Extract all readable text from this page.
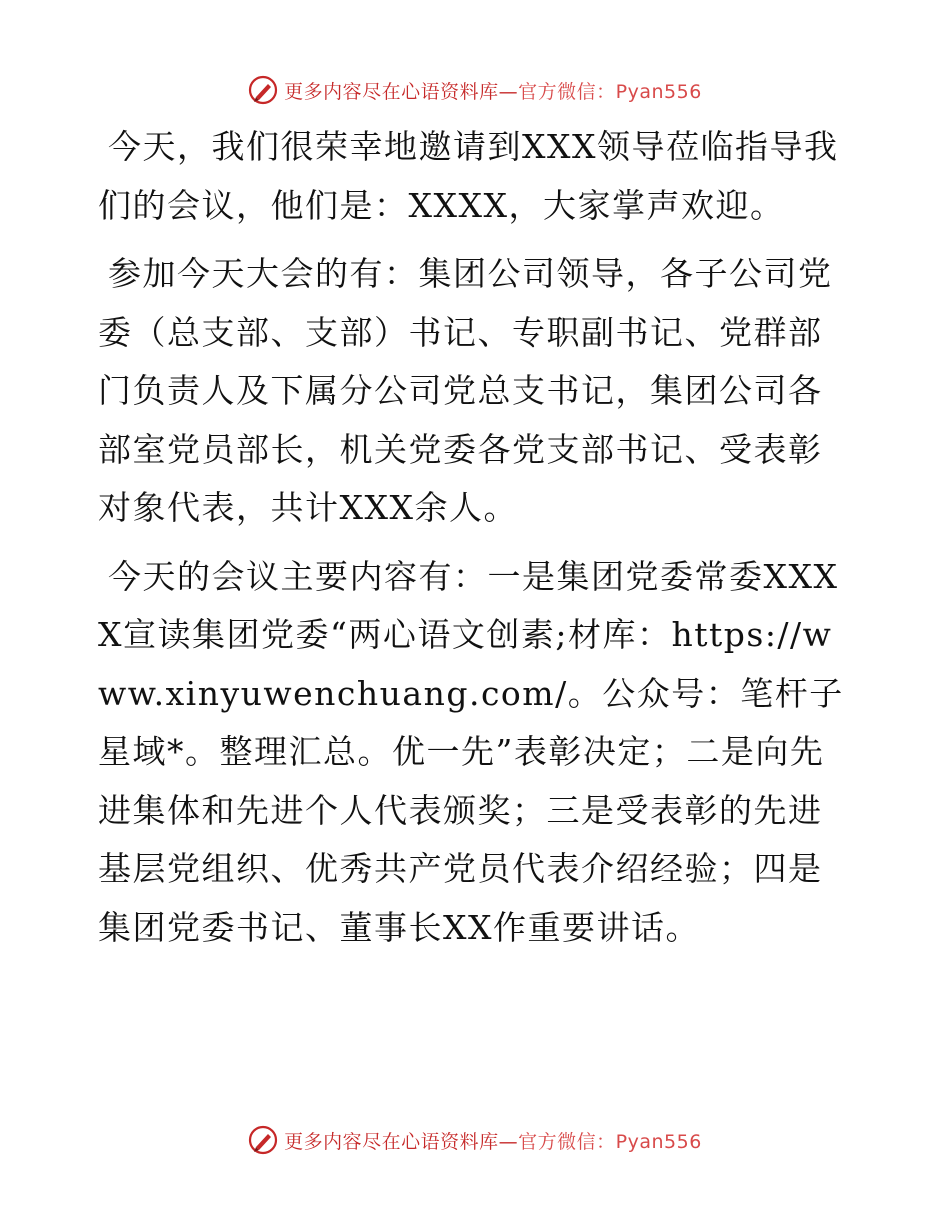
更多内容尽在心语资料库—官方微信：Pyan556

今天，我们很荣幸地邀请到XXX领导莅临指导我们的会议，他们是：XXXX，大家掌声欢迎。

参加今天大会的有：集团公司领导，各子公司党委（总支部、支部）书记、专职副书记、党群部门负责人及下属分公司党总支书记，集团公司各部室党员部长，机关党委各党支部书记、受表彰对象代表，共计XXX余人。

今天的会议主要内容有：一是集团党委常委XXXX宣读集团党委“两心语文创素;材库：https://www.xinyuwenchuang.com/。公众号：笔杆子星域*。整理汇总。优一先”表彰决定；二是向先进集体和先进个人代表颁奖；三是受表彰的先进基层党组织、优秀共产党员代表介绍经验；四是集团党委书记、董事长XX作重要讲话。

更多内容尽在心语资料库—官方微信：Pyan556
